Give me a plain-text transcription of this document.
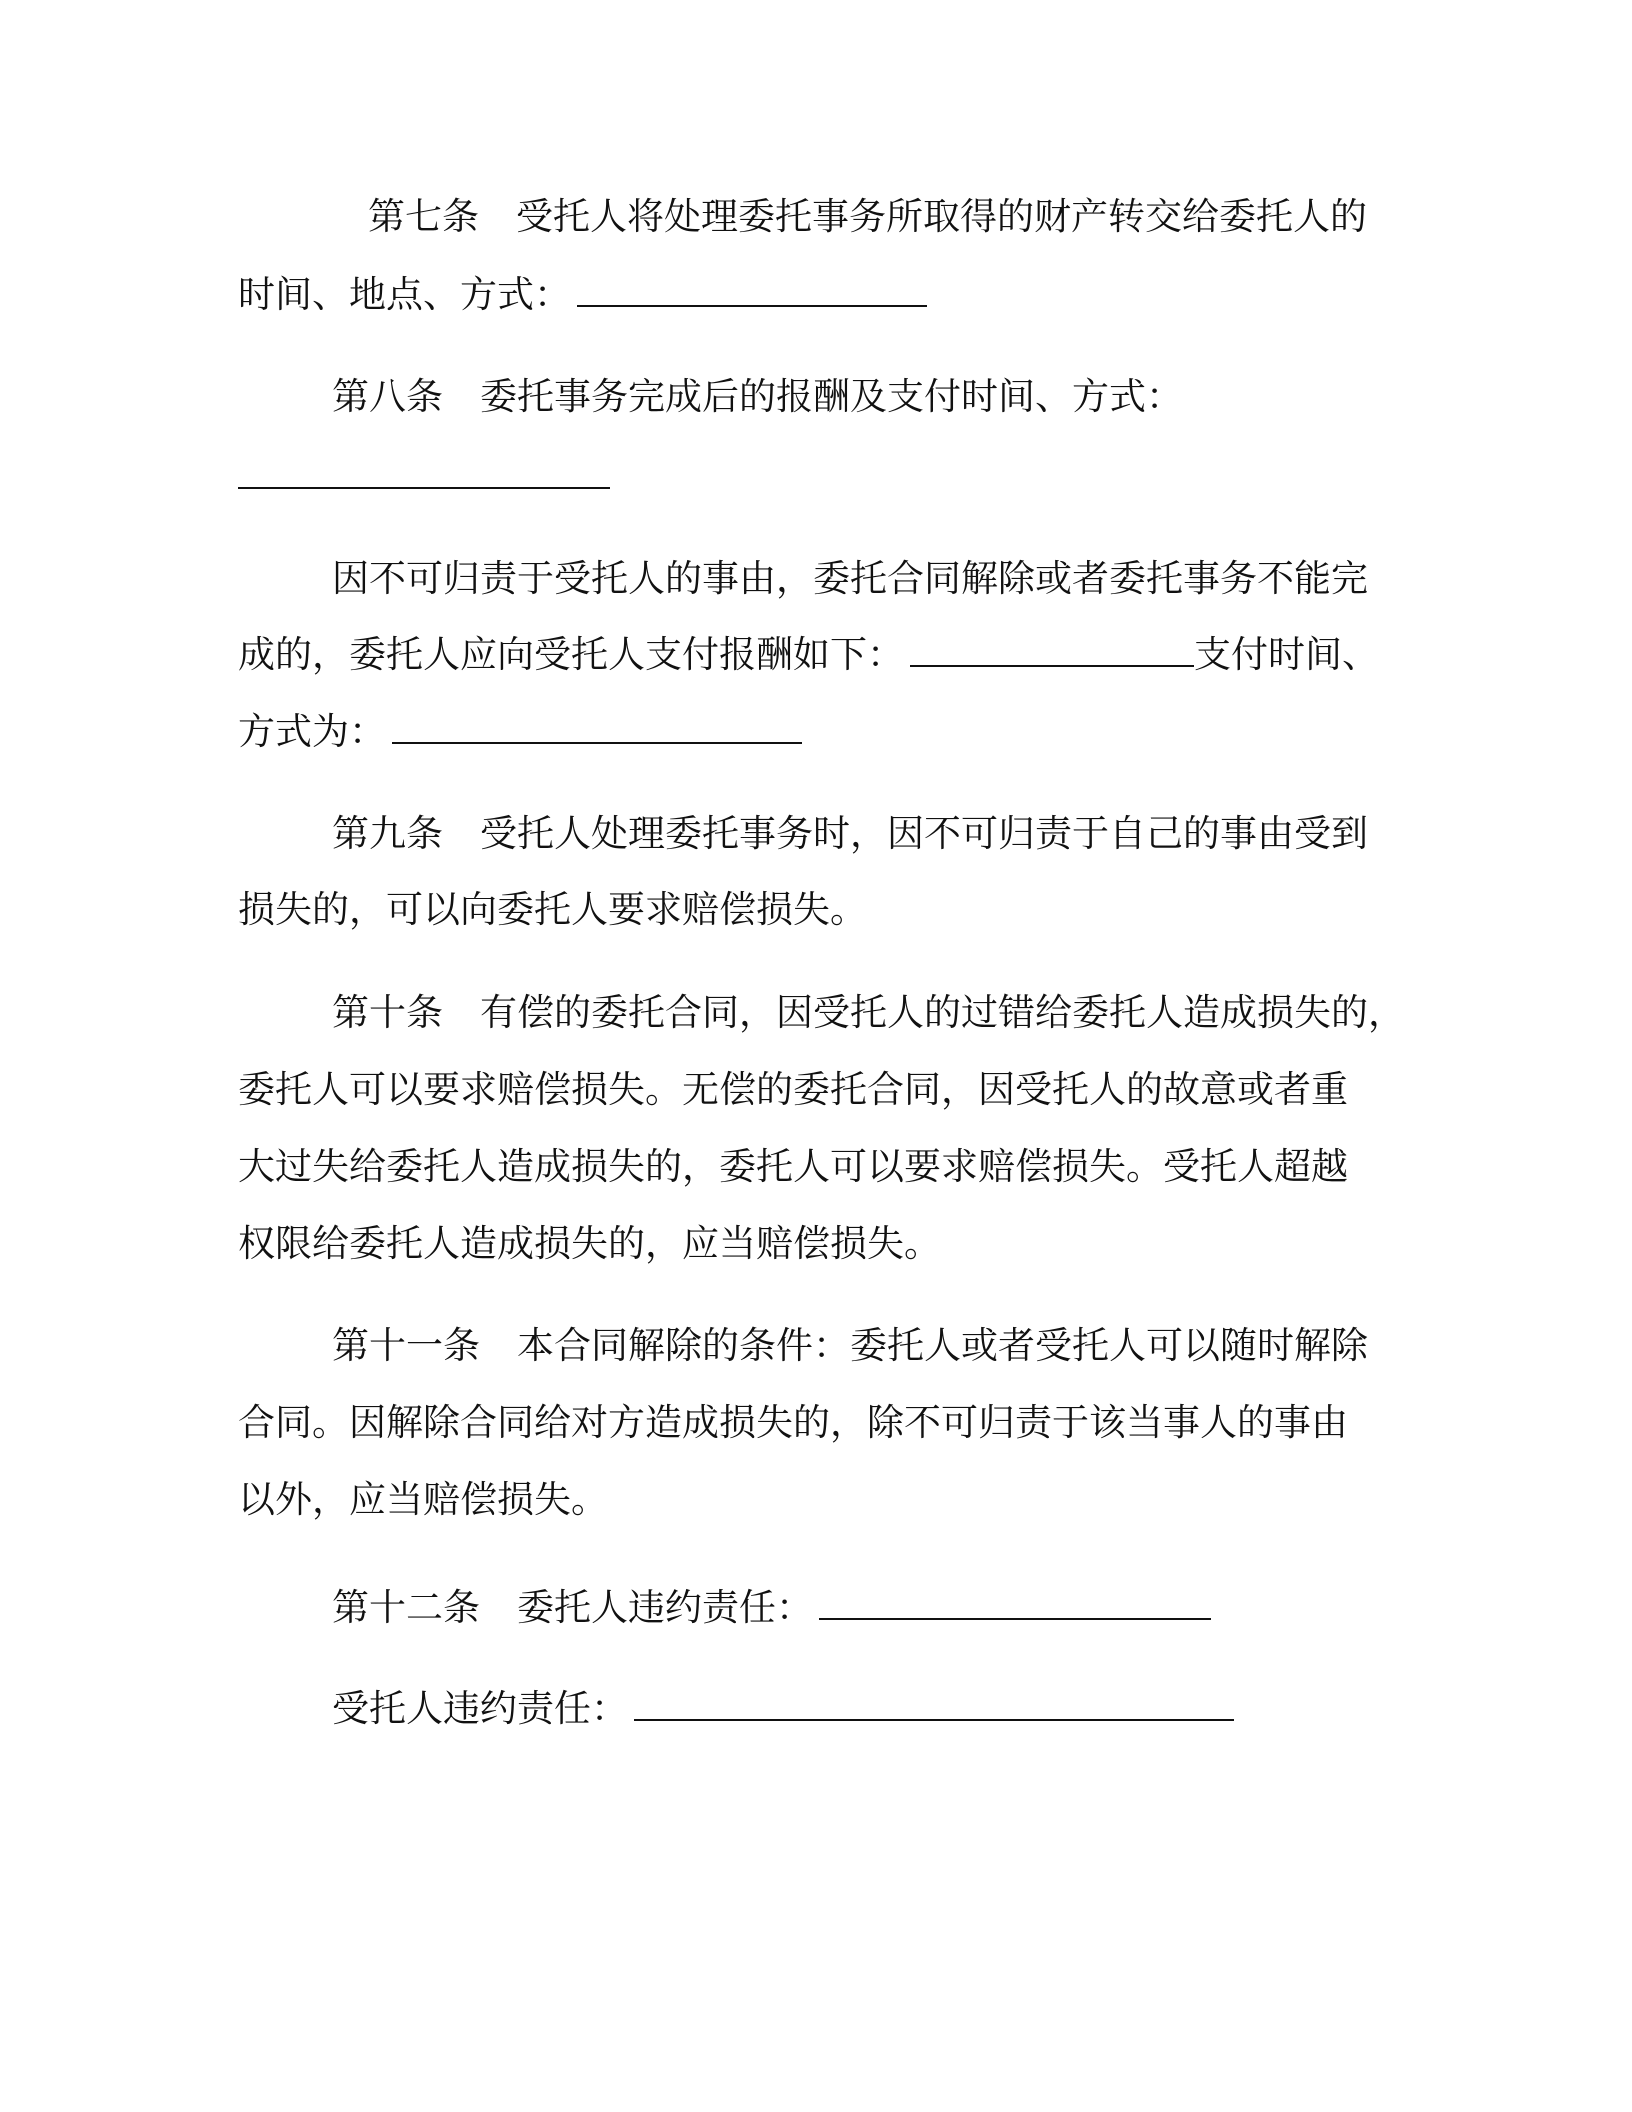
第七条　受托人将处理委托事务所取得的财产转交给委托人的
时间、地点、方式：
第八条　委托事务完成后的报酬及支付时间、方式：
因不可归责于受托人的事由，委托合同解除或者委托事务不能完
成的，委托人应向受托人支付报酬如下：	支付时间、
方式为：
第九条　受托人处理委托事务时，因不可归责于自己的事由受到
损失的，可以向委托人要求赔偿损失。
第十条　有偿的委托合同，因受托人的过错给委托人造成损失的，
委托人可以要求赔偿损失。无偿的委托合同，因受托人的故意或者重
大过失给委托人造成损失的，委托人可以要求赔偿损失。受托人超越
权限给委托人造成损失的，应当赔偿损失。
第十一条　本合同解除的条件：委托人或者受托人可以随时解除
合同。因解除合同给对方造成损失的，除不可归责于该当事人的事由
以外，应当赔偿损失。
第十二条　委托人违约责任：
受托人违约责任：
